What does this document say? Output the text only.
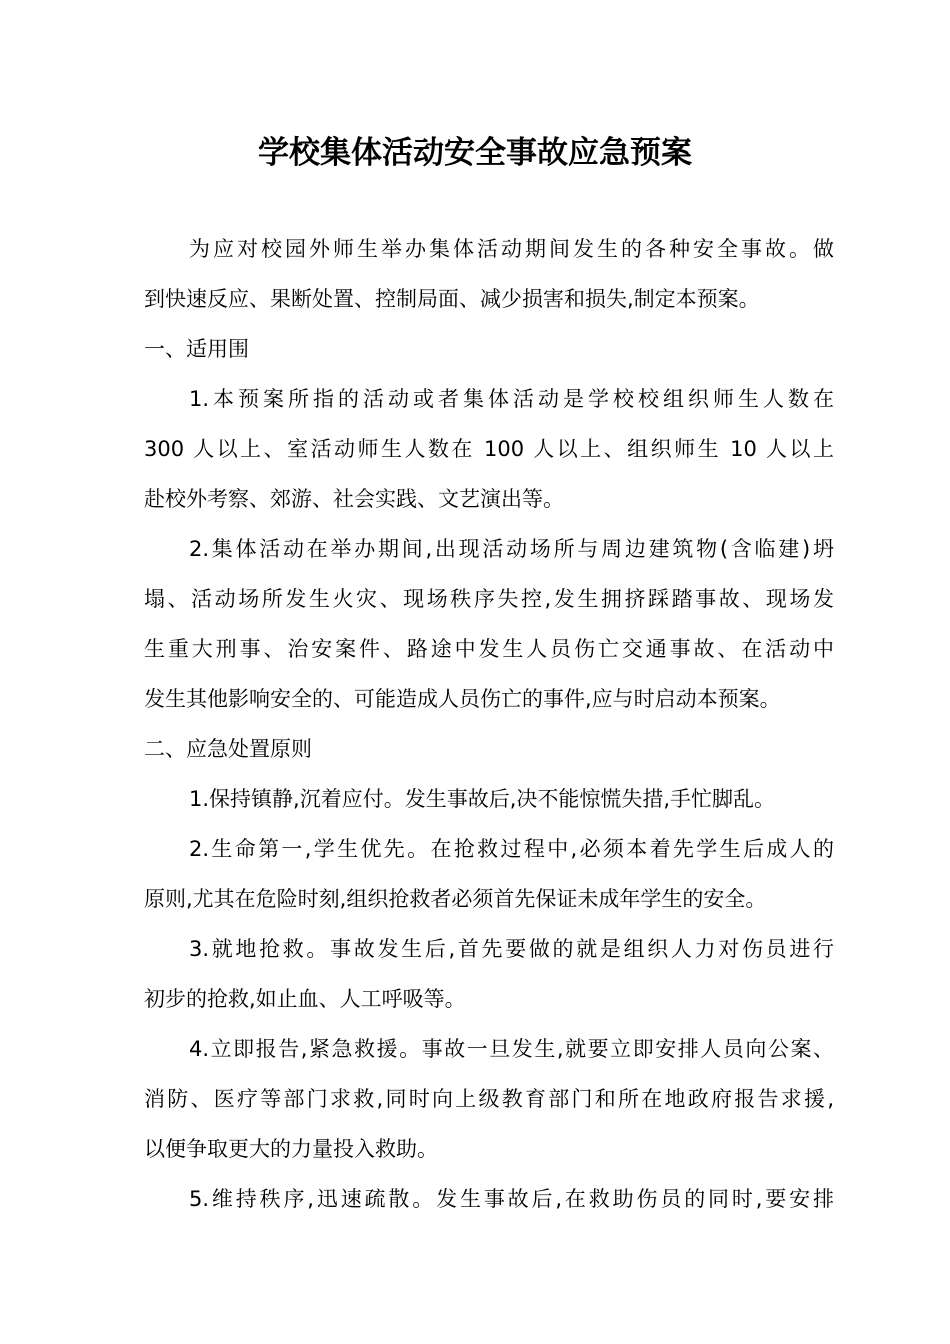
学校集体活动安全事故应急预案
为应对校园外师生举办集体活动期间发生的各种安全事故。做
到快速反应、果断处置、控制局面、减少损害和损失,制定本预案。
一、适用围
1.本预案所指的活动或者集体活动是学校校组织师生人数在
300 人以上、室活动师生人数在 100 人以上、组织师生 10 人以上
赴校外考察、郊游、社会实践、文艺演出等。
2.集体活动在举办期间,出现活动场所与周边建筑物(含临建)坍
塌、活动场所发生火灾、现场秩序失控,发生拥挤踩踏事故、现场发
生重大刑事、治安案件、路途中发生人员伤亡交通事故、在活动中
发生其他影响安全的、可能造成人员伤亡的事件,应与时启动本预案。
二、应急处置原则
1.保持镇静,沉着应付。发生事故后,决不能惊慌失措,手忙脚乱。
2.生命第一,学生优先。在抢救过程中,必须本着先学生后成人的
原则,尤其在危险时刻,组织抢救者必须首先保证未成年学生的安全。
3.就地抢救。事故发生后,首先要做的就是组织人力对伤员进行
初步的抢救,如止血、人工呼吸等。
4.立即报告,紧急救援。事故一旦发生,就要立即安排人员向公案、
消防、医疗等部门求救,同时向上级教育部门和所在地政府报告求援,
以便争取更大的力量投入救助。
5.维持秩序,迅速疏散。发生事故后,在救助伤员的同时,要安排
